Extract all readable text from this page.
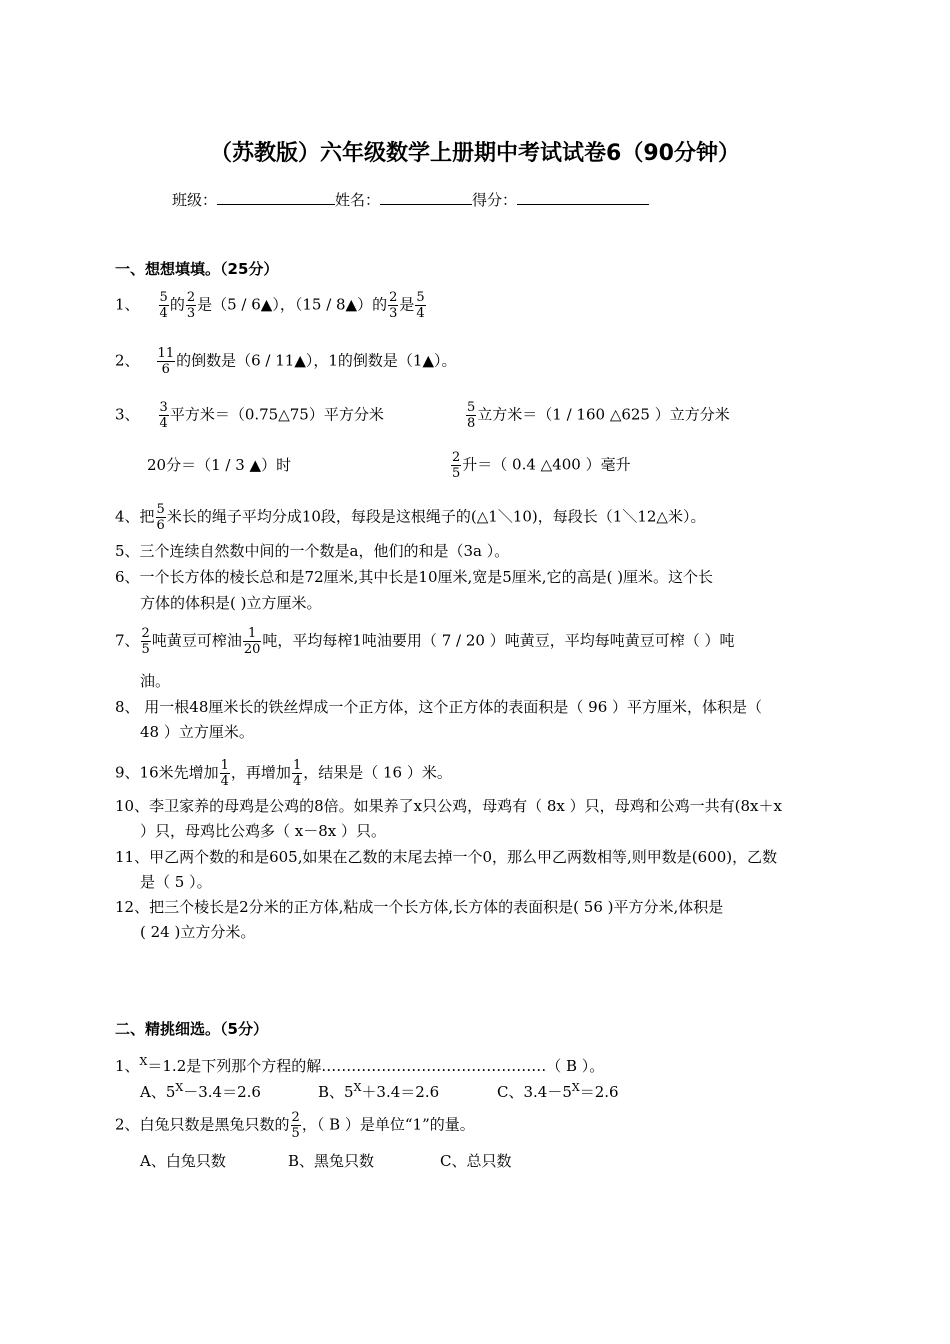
（苏教版）六年级数学上册期中考试试卷6（90分钟）
班级：	姓名：	得分：
一、想想填填。（25分）
1、 $\frac{5}{4}$ 的 $\frac{2}{3}$ 是（5 / 6▲），（15 / 8▲）的 $\frac{2}{3}$ 是 $\frac{5}{4}$
2、 $\frac{11}{6}$ 的倒数是（6 / 11▲），1的倒数是（1▲）。
3、 $\frac{3}{4}$ 平方米＝（0.75△75）平方分米	$\frac{5}{8}$ 立方米＝（1 / 160 △625 ）立方分米
20分＝（1 / 3 ▲）时	$\frac{2}{5}$ 升＝（ 0.4 △400 ）毫升
4、把 $\frac{5}{6}$ 米长的绳子平均分成10段，每段是这根绳子的(△1＼10)，每段长（1＼12△米）。
5、三个连续自然数中间的一个数是a，他们的和是（3a ）。
6、一个长方体的棱长总和是72厘米,其中长是10厘米,宽是5厘米,它的高是( )厘米。这个长
方体的体积是( )立方厘米。
7、 $\frac{2}{5}$ 吨黄豆可榨油 $\frac{1}{20}$ 吨，平均每榨1吨油要用（ 7 / 20 ）吨黄豆，平均每吨黄豆可榨（ ）吨
油。
8、 用一根48厘米长的铁丝焊成一个正方体，这个正方体的表面积是（ 96 ）平方厘米，体积是（
48 ）立方厘米。
9、16米先增加 $\frac{1}{4}$ ，再增加 $\frac{1}{4}$ ，结果是（ 16 ）米。
10、李卫家养的母鸡是公鸡的8倍。如果养了x只公鸡，母鸡有（ 8x ）只，母鸡和公鸡一共有(8x＋x
）只，母鸡比公鸡多（ x－8x ）只。
11、甲乙两个数的和是605,如果在乙数的末尾去掉一个0，那么甲乙两数相等,则甲数是(600)，乙数
是（ 5 ）。
12、把三个棱长是2分米的正方体,粘成一个长方体,长方体的表面积是( 56 )平方分米,体积是
( 24 )立方分米。
二、精挑细选。（5分）
1、$^X$＝1.2是下列那个方程的解………………………………………（ B ）。
A、$5^X-3.4=2.6$	B、$5^X+3.4=2.6$	C、$3.4-5^X=2.6$
2、白兔只数是黑兔只数的 $\frac{2}{5}$ ，（ B ）是单位“1”的量。
A、白兔只数	B、黑兔只数	C、总只数
